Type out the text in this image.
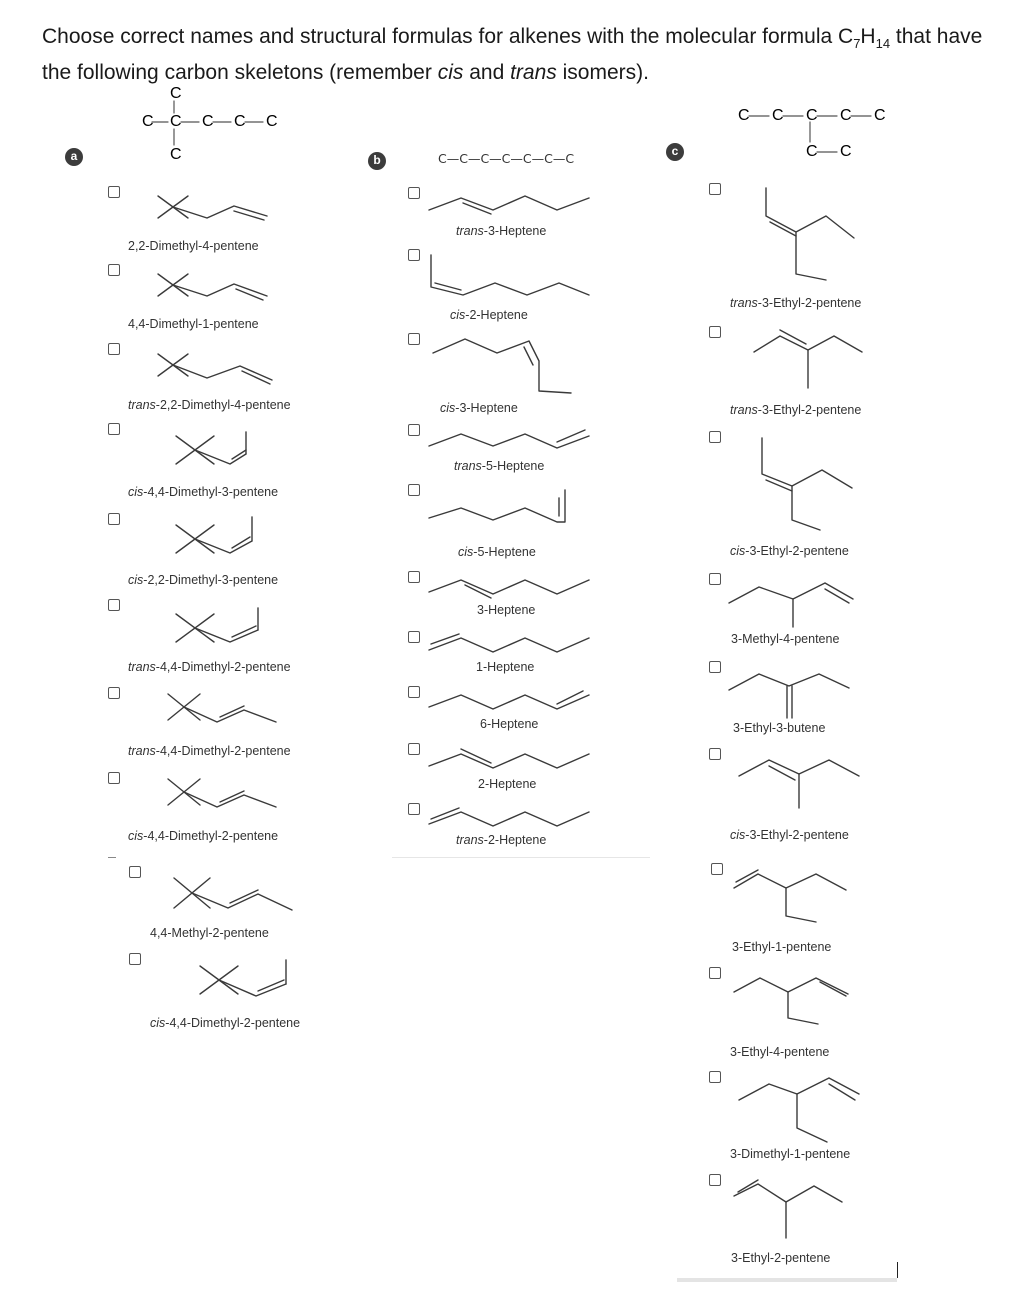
Choose correct names and structural formulas for alkenes with the molecular formula $C_7H_{14}$ that have the following carbon skeletons (remember cis and trans isomers).
C
C C C C C
C	C—C—C—C—C—C—C
C C C C C
C C
a	b
c
2,2-Dimethyl-4-pentene
4,4-Dimethyl-1-pentene
trans-2,2-Dimethyl-4-pentene
cis-4,4-Dimethyl-3-pentene
cis-2,2-Dimethyl-3-pentene
trans-4,4-Dimethyl-2-pentene
trans-4,4-Dimethyl-2-pentene
cis-4,4-Dimethyl-2-pentene
4,4-Methyl-2-pentene
cis-4,4-Dimethyl-2-pentene
trans-3-Heptene
cis-2-Heptene
cis-3-Heptene
trans-5-Heptene
cis-5-Heptene
3-Heptene
1-Heptene
6-Heptene
2-Heptene
trans-2-Heptene
trans-3-Ethyl-2-pentene
trans-3-Ethyl-2-pentene
cis-3-Ethyl-2-pentene
3-Methyl-4-pentene
3-Ethyl-3-butene
cis-3-Ethyl-2-pentene
3-Ethyl-1-pentene
3-Ethyl-4-pentene
3-Dimethyl-1-pentene
3-Ethyl-2-pentene
